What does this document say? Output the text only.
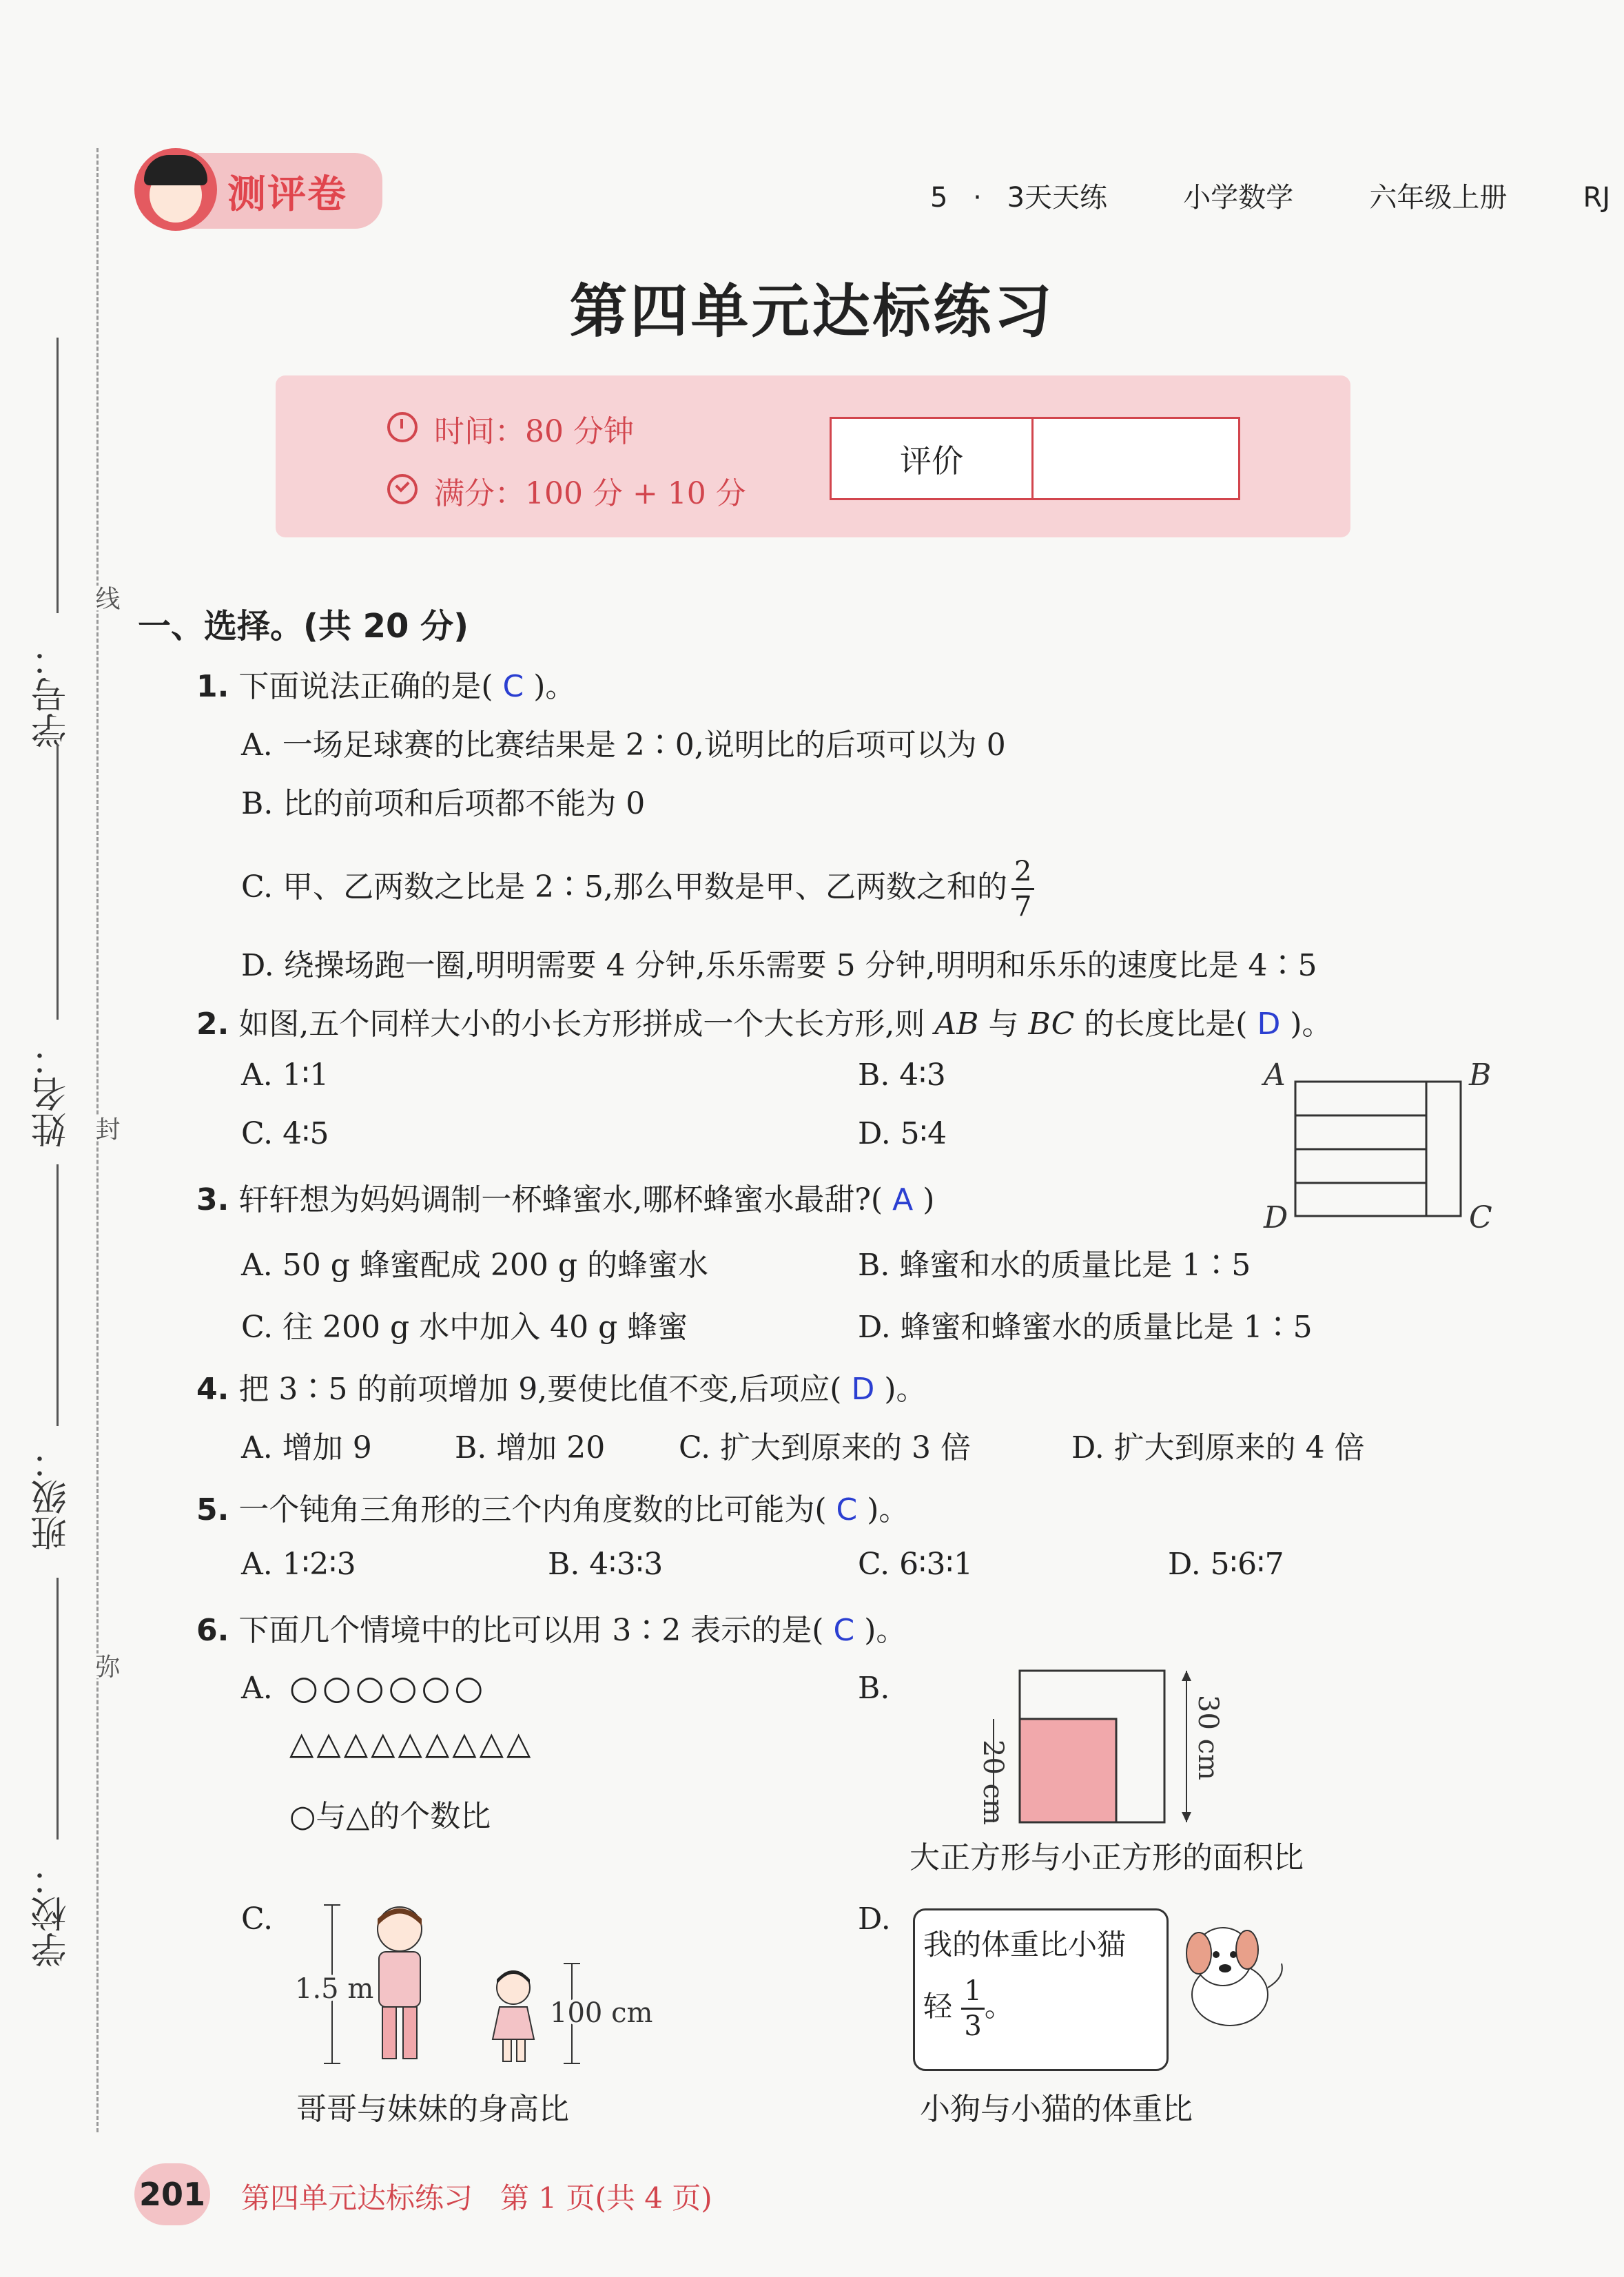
线
封
弥
学号：
姓名：
班级：
学校：
测评卷	5 · 3天天练   小学数学   六年级上册   RJ
第四单元达标练习
时间：80 分钟
满分：100 分 + 10 分
评价
一、选择。(共 20 分)
1. 下面说法正确的是( C )。
A. 一场足球赛的比赛结果是 2∶0,说明比的后项可以为 0
B. 比的前项和后项都不能为 0
C. 甲、乙两数之比是 2∶5,那么甲数是甲、乙两数之和的 $\frac{2}{7}$
D. 绕操场跑一圈,明明需要 4 分钟,乐乐需要 5 分钟,明明和乐乐的速度比是 4∶5
2. 如图,五个同样大小的小长方形拼成一个大长方形,则 AB 与 BC 的长度比是( D )。
A. 1∶1	B. 4∶3
C. 4∶5	D. 5∶4
A	B
C
D
3. 轩轩想为妈妈调制一杯蜂蜜水,哪杯蜂蜜水最甜?( A )
A. 50 g 蜂蜜配成 200 g 的蜂蜜水	B. 蜂蜜和水的质量比是 1∶5
C. 往 200 g 水中加入 40 g 蜂蜜	D. 蜂蜜和蜂蜜水的质量比是 1∶5
4. 把 3∶5 的前项增加 9,要使比值不变,后项应( D )。
A. 增加 9	B. 增加 20 C. 扩大到原来的 3 倍	D. 扩大到原来的 4 倍
5. 一个钝角三角形的三个内角度数的比可能为( C )。
A. 1∶2∶3	B. 4∶3∶3	C. 6∶3∶1	D. 5∶6∶7
6. 下面几个情境中的比可以用 3∶2 表示的是( C )。
A. ○○○○○○
△△△△△△△△△
○与△的个数比
B.
20 cm
30 cm
大正方形与小正方形的面积比
C.
1.5 m
100 cm
哥哥与妹妹的身高比
D.
我的体重比小猫
轻 $\frac{1}{3}$ 。
小狗与小猫的体重比
201 第四单元达标练习   第 1 页(共 4 页)
